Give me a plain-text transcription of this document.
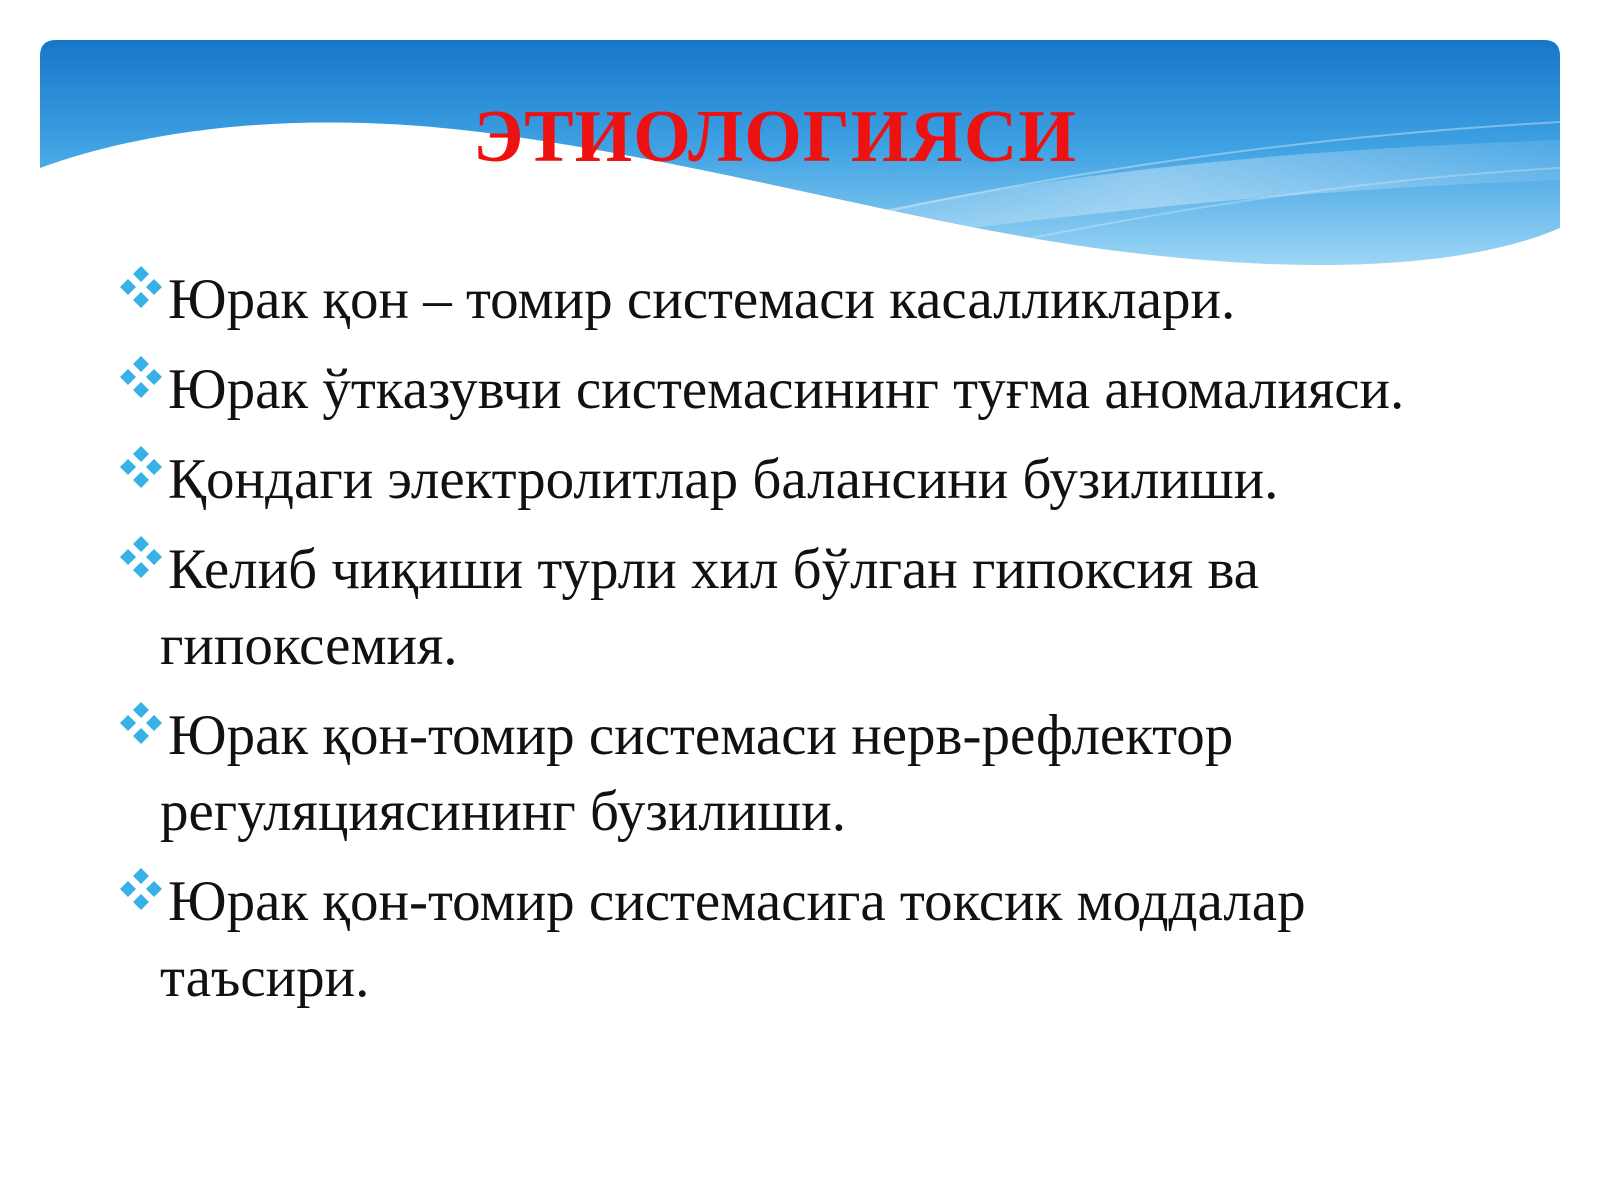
ЭТИОЛОГИЯСИ
Юрак қон – томир системаси касалликлари.
Юрак ўтказувчи системасининг туғма аномалияси.
Қондаги электролитлар балансини бузилиши.
Келиб чиқиши турли хил бўлган гипоксия ва
гипоксемия.
Юрак қон-томир системаси нерв-рефлектор
регуляциясининг бузилиши.
Юрак қон-томир системасига токсик моддалар
таъсири.
